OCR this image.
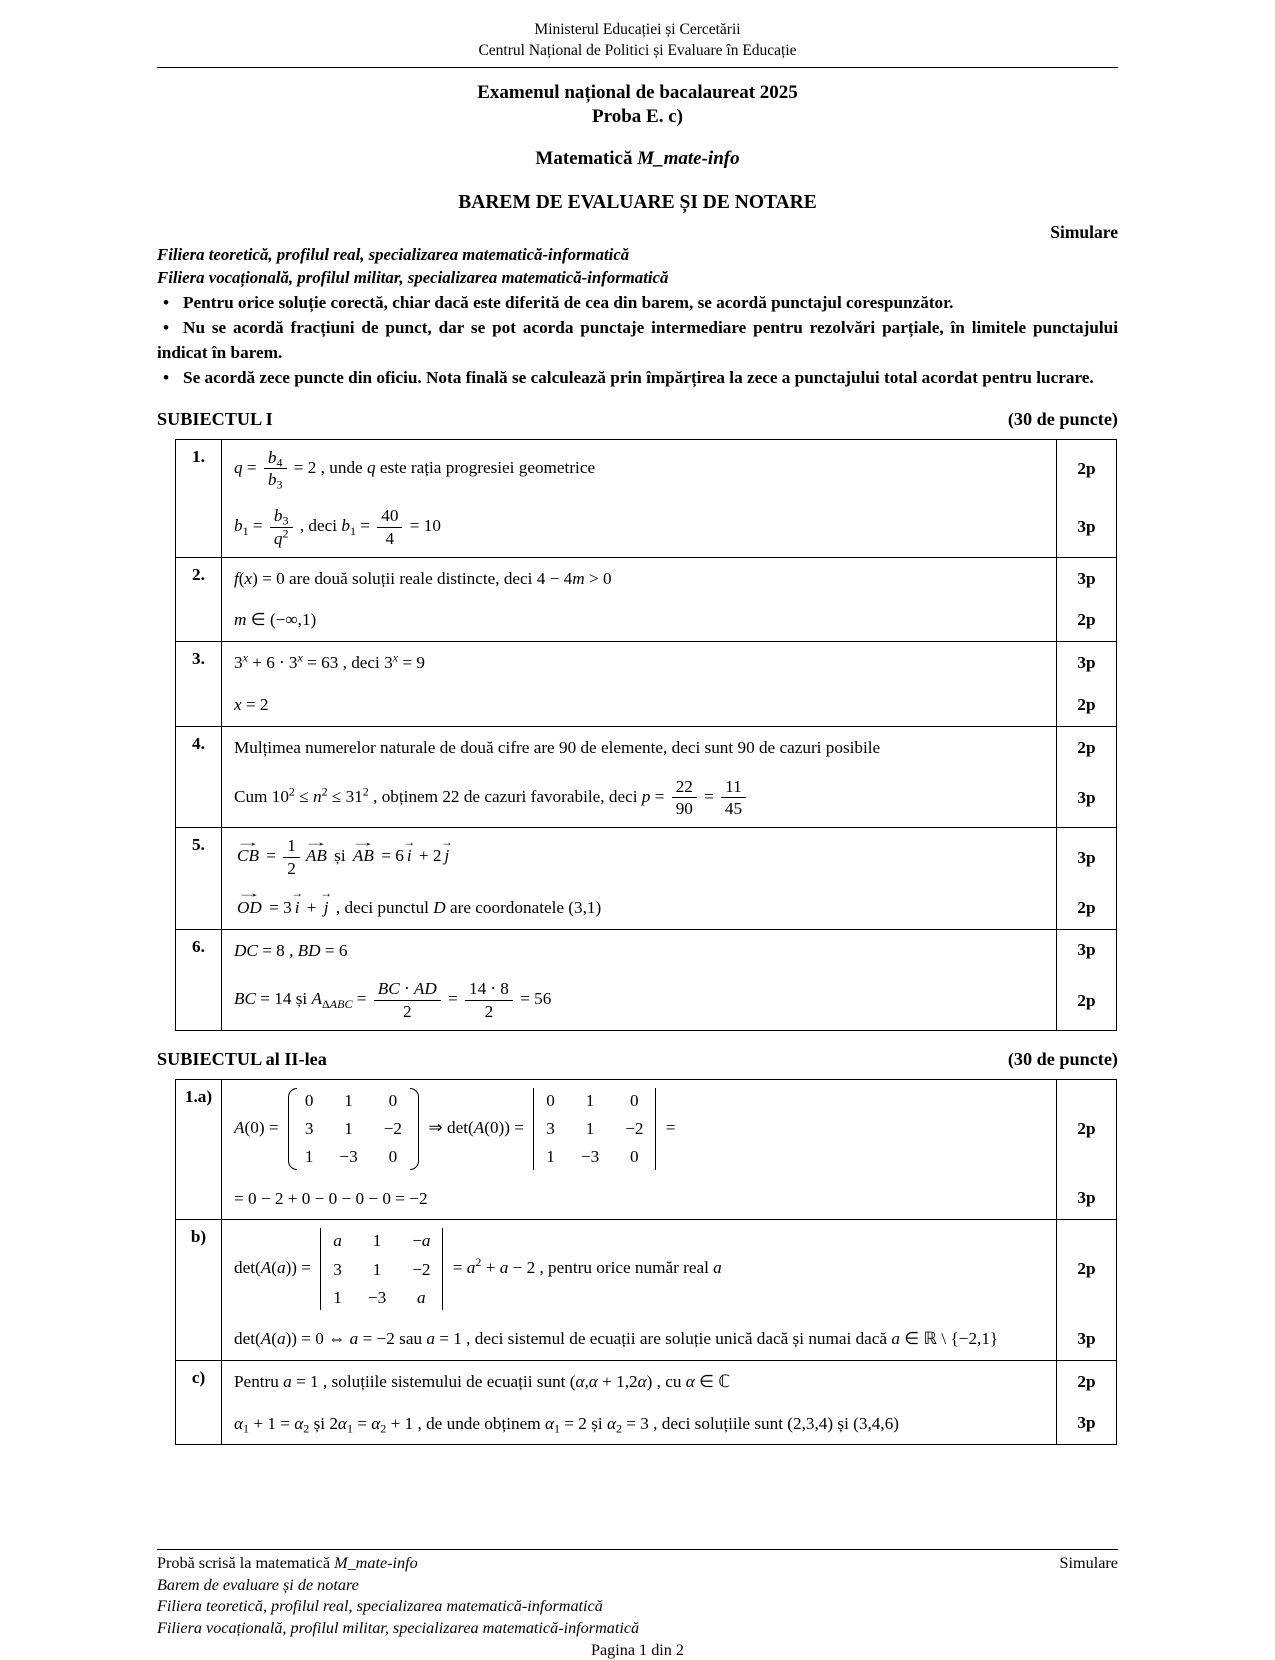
Ministerul Educației și Cercetării
Centrul Național de Politici și Evaluare în Educație
Examenul național de bacalaureat 2025
Proba E. c)
Matematică M_mate-info
BAREM DE EVALUARE ȘI DE NOTARE
Simulare
Filiera teoretică, profilul real, specializarea matematică-informatică
Filiera vocațională, profilul militar, specializarea matematică-informatică

• Pentru orice soluție corectă, chiar dacă este diferită de cea din barem, se acordă punctajul corespunzător.

• Nu se acordă fracțiuni de punct, dar se pot acorda punctaje intermediare pentru rezolvări parțiale, în limitele punctajului indicat în barem.

• Se acordă zece puncte din oficiu. Nota finală se calculează prin împărțirea la zece a punctajului total acordat pentru lucrare.

SUBIECTUL I	(30 de puncte)
1.
$q = \frac{b_4}{b_3} = 2$ , unde q este rația progresiei geometrice	2p
$b_1 = \frac{b_3}{q^2}$ , deci $b_1 = \frac{40}{4} = 10$	3p
2.	f(x) = 0 are două soluții reale distincte, deci 4 − 4m > 0	3p
m ∈ (−∞,1)	2p
3.	$3^x + 6 \cdot 3^x = 63$ , deci $3^x = 9$	3p
x = 2	2p
4.	Mulțimea numerelor naturale de două cifre are 90 de elemente, deci sunt 90 de cazuri posibile	2p
Cum $10^2 \le n^2 \le 31^2$ , obținem 22 de cazuri favorabile, deci $p = \frac{22}{90} = \frac{11}{45}$	3p
5.	→
CB = $\frac{1}{2}$ →
AB și
→
AB = 6
→
i + 2
→
j	3p
→
OD = 3
→
i +
→
j , deci punctul D are coordonatele (3,1)	2p
6.	DC = 8 , BD = 6	3p
BC = 14 și $A_{\Delta ABC} = \frac{BC \cdot AD}{2} = \frac{14 \cdot 8}{2} = 56$	2p
SUBIECTUL al II-lea	(30 de puncte)
1.a)
A(0) =
0 1 0
3 1 −2
1 −3 0
⇒ det(A(0)) =
0 1 0
3 1 −2
1 −3 0
=	2p
= 0 − 2 + 0 − 0 − 0 − 0 = −2	3p
b)
det(A(a)) =
a 1 −a
3 1 −2
1 −3 a
= $a^2 + a - 2$ , pentru orice număr real a	2p
det(A(a)) = 0 ⇔ a = −2 sau a = 1 , deci sistemul de ecuații are soluție unică dacă și numai dacă a ∈ ℝ \ {−2,1}	3p
c)	Pentru a = 1 , soluțiile sistemului de ecuații sunt (α,α + 1,2α) , cu α ∈ ℂ	2p
$\alpha_1 + 1 = \alpha_2$ și $2\alpha_1 = \alpha_2 + 1$ , de unde obținem $\alpha_1 = 2$ și $\alpha_2 = 3$ , deci soluțiile sunt (2,3,4) și (3,4,6)	3p
Probă scrisă la matematică M_mate-info	Simulare
Barem de evaluare și de notare
Filiera teoretică, profilul real, specializarea matematică-informatică
Filiera vocațională, profilul militar, specializarea matematică-informatică
Pagina 1 din 2
